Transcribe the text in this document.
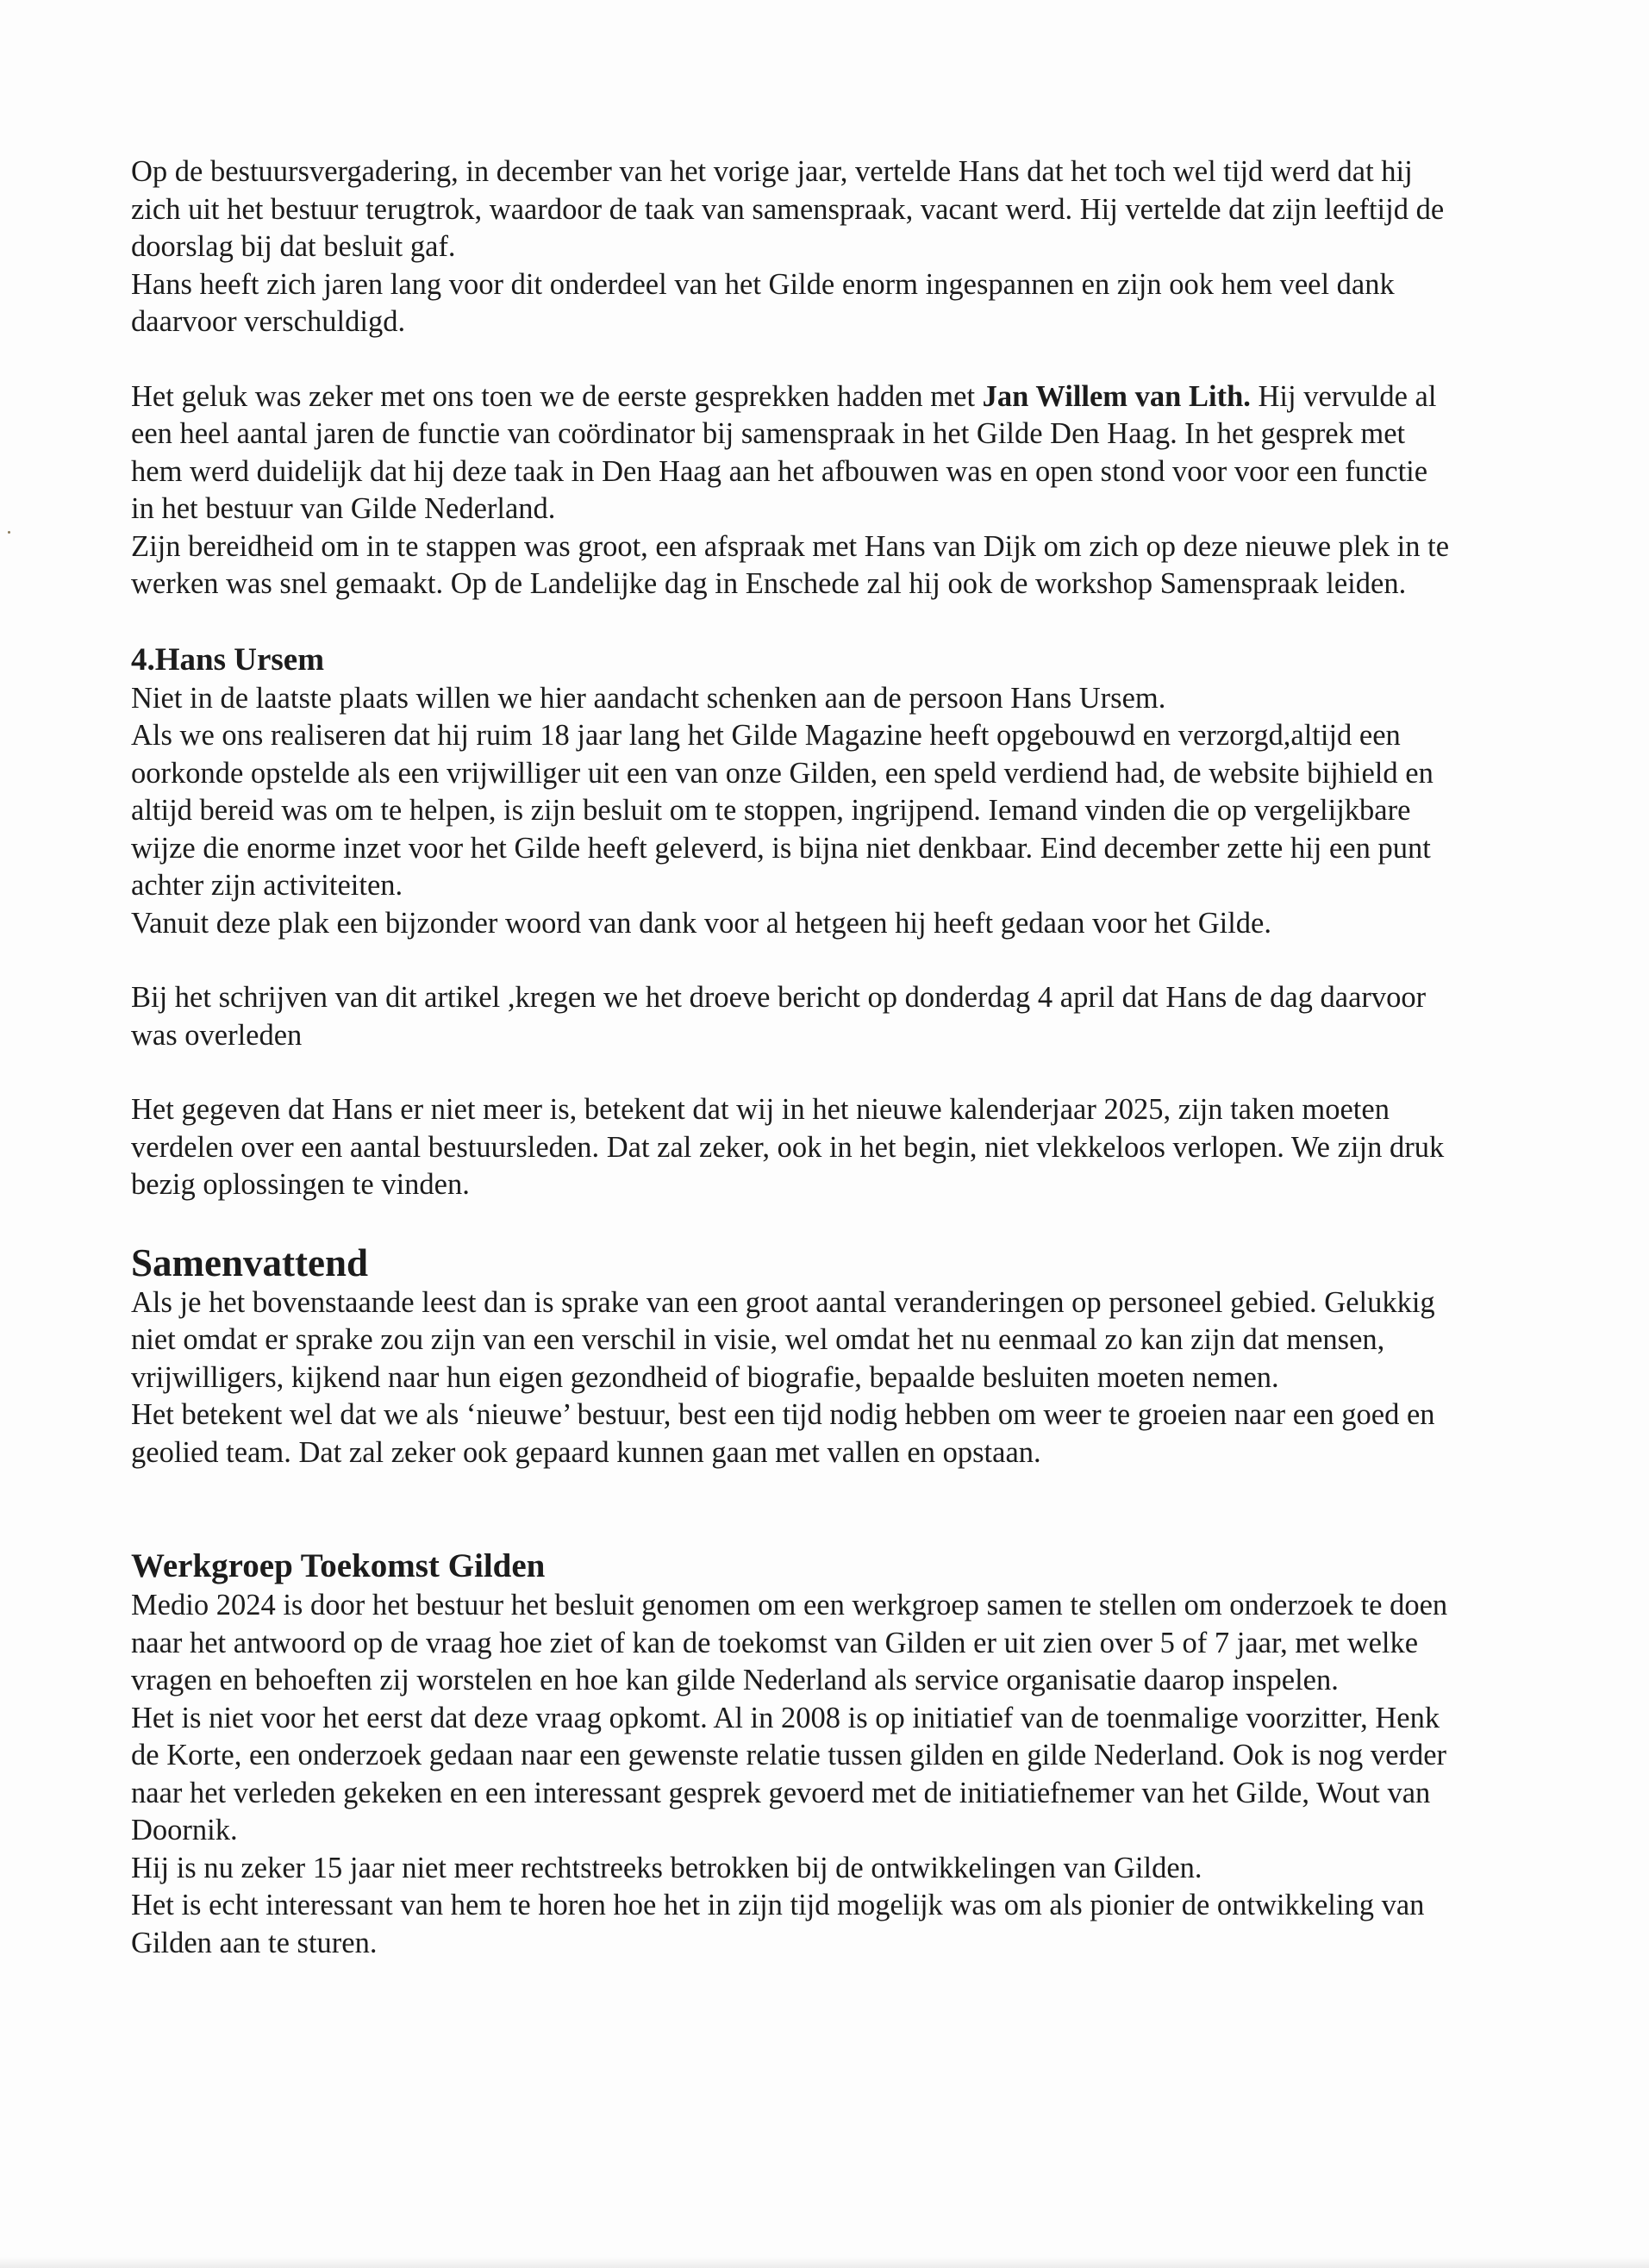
Op de bestuursvergadering, in december van het vorige jaar, vertelde Hans dat het toch wel tijd werd dat hij zich uit het bestuur terugtrok, waardoor de taak van samenspraak, vacant werd. Hij vertelde dat zijn leeftijd de doorslag bij dat besluit gaf.

Hans heeft zich jaren lang voor dit onderdeel van het Gilde enorm ingespannen en zijn ook hem veel dank daarvoor verschuldigd.

Het geluk was zeker met ons toen we de eerste gesprekken hadden met Jan Willem van Lith. Hij vervulde al een heel aantal jaren de functie van coördinator bij samenspraak in het Gilde Den Haag. In het gesprek met hem werd duidelijk dat hij deze taak in Den Haag aan het afbouwen was en open stond voor voor een functie in het bestuur van Gilde Nederland.

Zijn bereidheid om in te stappen was groot, een afspraak met Hans van Dijk om zich op deze nieuwe plek in te werken was snel gemaakt. Op de Landelijke dag in Enschede zal hij ook de workshop Samenspraak leiden.

4.Hans Ursem

Niet in de laatste plaats willen we hier aandacht schenken aan de persoon Hans Ursem.

Als we ons realiseren dat hij ruim 18 jaar lang het Gilde Magazine heeft opgebouwd en verzorgd,altijd een oorkonde opstelde als een vrijwilliger uit een van onze Gilden, een speld verdiend had, de website bijhield en altijd bereid was om te helpen, is zijn besluit om te stoppen, ingrijpend. Iemand vinden die op vergelijkbare wijze die enorme inzet voor het Gilde heeft geleverd, is bijna niet denkbaar. Eind december zette hij een punt achter zijn activiteiten.

Vanuit deze plak een bijzonder woord van dank voor al hetgeen hij heeft gedaan voor het Gilde.

Bij het schrijven van dit artikel ,kregen we het droeve bericht op donderdag 4 april dat Hans de dag daarvoor was overleden

Het gegeven dat Hans er niet meer is, betekent dat wij in het nieuwe kalenderjaar 2025, zijn taken moeten verdelen over een aantal bestuursleden. Dat zal zeker, ook in het begin, niet vlekkeloos verlopen. We zijn druk bezig oplossingen te vinden.

Samenvattend

Als je het bovenstaande leest dan is sprake van een groot aantal veranderingen op personeel gebied. Gelukkig niet omdat er sprake zou zijn van een verschil in visie, wel omdat het nu eenmaal zo kan zijn dat mensen, vrijwilligers, kijkend naar hun eigen gezondheid of biografie, bepaalde besluiten moeten nemen.

Het betekent wel dat we als ‘nieuwe’ bestuur, best een tijd nodig hebben om weer te groeien naar een goed en geolied team. Dat zal zeker ook gepaard kunnen gaan met vallen en opstaan.

Werkgroep Toekomst Gilden

Medio 2024 is door het bestuur het besluit genomen om een werkgroep samen te stellen om onderzoek te doen naar het antwoord op de vraag hoe ziet of kan de toekomst van Gilden er uit zien over 5 of 7 jaar, met welke vragen en behoeften zij worstelen en hoe kan gilde Nederland als service organisatie daarop inspelen.

Het is niet voor het eerst dat deze vraag opkomt. Al in 2008 is op initiatief van de toenmalige voorzitter, Henk de Korte, een onderzoek gedaan naar een gewenste relatie tussen gilden en gilde Nederland. Ook is nog verder naar het verleden gekeken en een interessant gesprek gevoerd met de initiatiefnemer van het Gilde, Wout van Doornik.

Hij is nu zeker 15 jaar niet meer rechtstreeks betrokken bij de ontwikkelingen van Gilden.

Het is echt interessant van hem te horen hoe het in zijn tijd mogelijk was om als pionier de ontwikkeling van Gilden aan te sturen.
